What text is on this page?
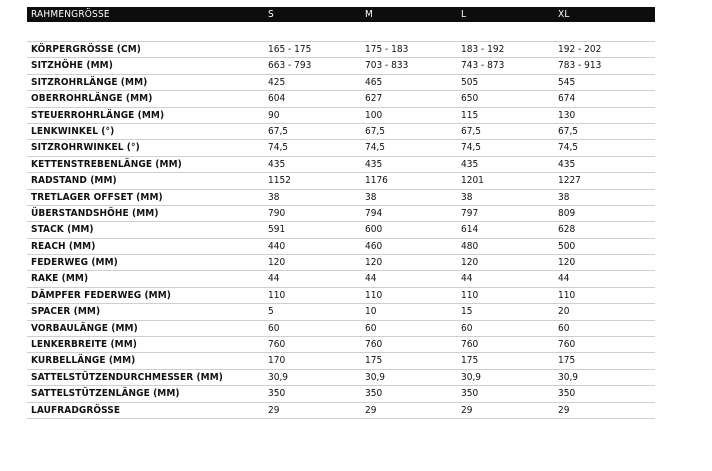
RAHMENGRÖSSE	S	M	L	XL
KÖRPERGRÖSSE (CM)	165 - 175	175 - 183	183 - 192	192 - 202
SITZHÖHE (MM)	663 - 793	703 - 833	743 - 873	783 - 913
SITZROHRLÄNGE (MM)	425	465	505	545
OBERROHRLÄNGE (MM)	604	627	650	674
STEUERROHRLÄNGE (MM)	90	100	115	130
LENKWINKEL (°)	67,5	67,5	67,5	67,5
SITZROHRWINKEL (°)	74,5	74,5	74,5	74,5
KETTENSTREBENLÄNGE (MM)	435	435	435	435
RADSTAND (MM)	1152	1176	1201	1227
TRETLAGER OFFSET (MM)	38	38	38	38
ÜBERSTANDSHÖHE (MM)	790	794	797	809
STACK (MM)	591	600	614	628
REACH (MM)	440	460	480	500
FEDERWEG (MM)	120	120	120	120
RAKE (MM)	44	44	44	44
DÄMPFER FEDERWEG (MM)	110	110	110	110
SPACER (MM)	5	10	15	20
VORBAULÄNGE (MM)	60	60	60	60
LENKERBREITE (MM)	760	760	760	760
KURBELLÄNGE (MM)	170	175	175	175
SATTELSTÜTZENDURCHMESSER (MM)	30,9	30,9	30,9	30,9
SATTELSTÜTZENLÄNGE (MM)	350	350	350	350
LAUFRADGRÖSSE	29	29	29	29
